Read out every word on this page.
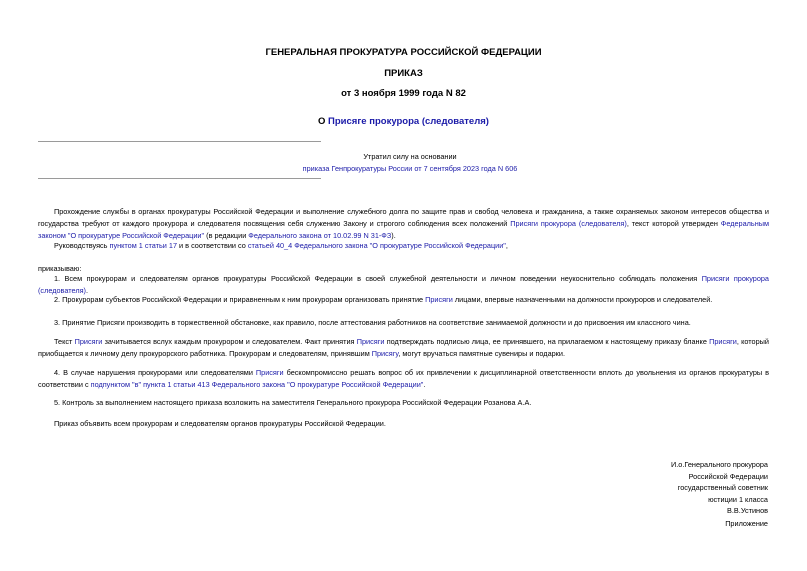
ГЕНЕРАЛЬНАЯ ПРОКУРАТУРА РОССИЙСКОЙ ФЕДЕРАЦИИ
ПРИКАЗ
от 3 ноября 1999 года N 82
О Присяге прокурора (следователя)
Утратил силу на основании
приказа Генпрокуратуры России от 7 сентября 2023 года N 606
Прохождение службы в органах прокуратуры Российской Федерации и выполнение служебного долга по защите прав и свобод человека и гражданина, а также охраняемых законом интересов общества и государства требуют от каждого прокурора и следователя посвящения себя служению Закону и строгого соблюдения всех положений Присяги прокурора (следователя), текст которой утвержден Федеральным законом "О прокуратуре Российской Федерации" (в редакции Федерального закона от 10.02.99 N 31-ФЗ).
Руководствуясь пунктом 1 статьи 17 и в соответствии со статьей 40_4 Федерального закона "О прокуратуре Российской Федерации",
приказываю:
1. Всем прокурорам и следователям органов прокуратуры Российской Федерации в своей служебной деятельности и личном поведении неукоснительно соблюдать положения Присяги прокурора (следователя).
2. Прокурорам субъектов Российской Федерации и приравненным к ним прокурорам организовать принятие Присяги лицами, впервые назначенными на должности прокуроров и следователей.
3. Принятие Присяги производить в торжественной обстановке, как правило, после аттестования работников на соответствие занимаемой должности и до присвоения им классного чина.
Текст Присяги зачитывается вслух каждым прокурором и следователем. Факт принятия Присяги подтверждать подписью лица, ее принявшего, на прилагаемом к настоящему приказу бланке Присяги, который приобщается к личному делу прокурорского работника. Прокурорам и следователям, принявшим Присягу, могут вручаться памятные сувениры и подарки.
4. В случае нарушения прокурорами или следователями Присяги бескомпромиссно решать вопрос об их привлечении к дисциплинарной ответственности вплоть до увольнения из органов прокуратуры в соответствии с подпунктом "в" пункта 1 статьи 413 Федерального закона "О прокуратуре Российской Федерации".
5. Контроль за выполнением настоящего приказа возложить на заместителя Генерального прокурора Российской Федерации Розанова А.А.
Приказ объявить всем прокурорам и следователям органов прокуратуры Российской Федерации.
И.о.Генерального прокурора
Российской Федерации
государственный советник
юстиции 1 класса
В.В.Устинов
Приложение
